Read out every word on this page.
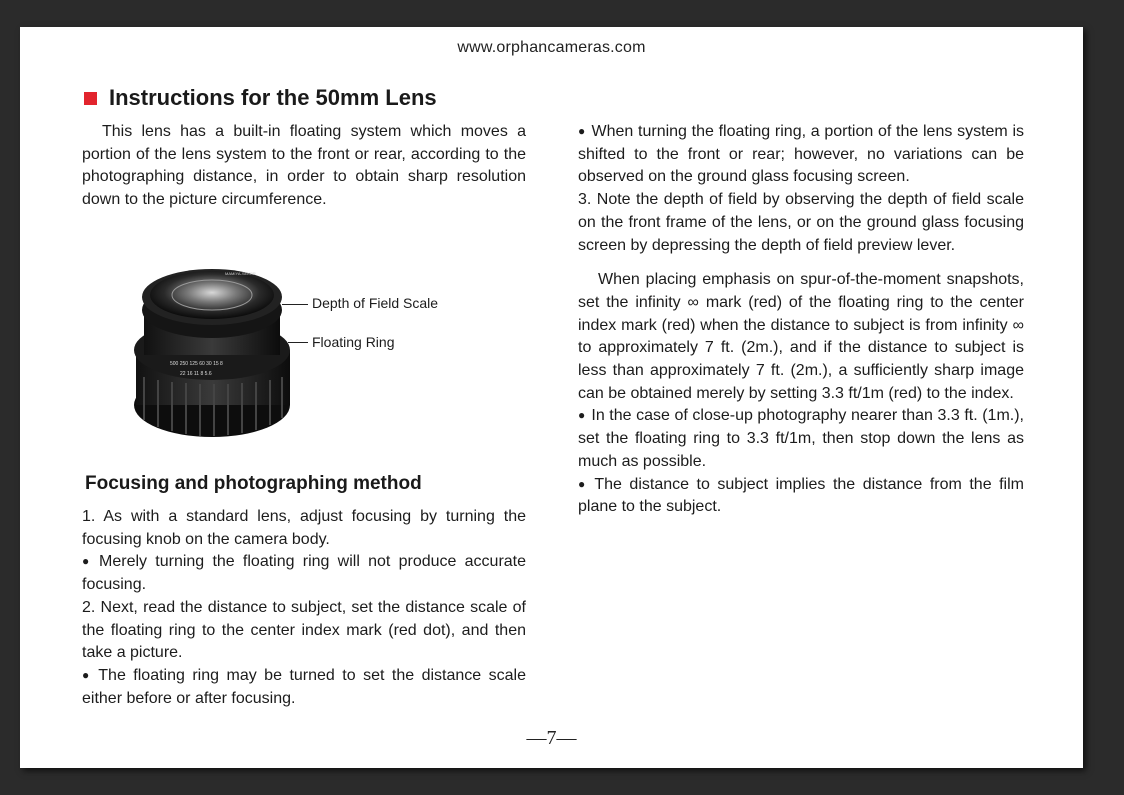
www.orphancameras.com
Instructions for the 50mm Lens

This lens has a built-in floating system which moves a portion of the lens system to the front or rear, according to the photographing distance, in order to obtain sharp resolution down to the picture circumference.

500 250 125 60 30 15 8
22 16 11 8 5.6
MAMIYA-SEKOR
Depth of Field Scale
Floating Ring
Focusing and photographing method

1. As with a standard lens, adjust focusing by turning the focusing knob on the camera body.

● Merely turning the floating ring will not produce accurate focusing.

2. Next, read the distance to subject, set the distance scale of the floating ring to the center index mark (red dot), and then take a picture.

● The floating ring may be turned to set the distance scale either before or after focusing.

● When turning the floating ring, a portion of the lens system is shifted to the front or rear; however, no variations can be observed on the ground glass focusing screen.

3. Note the depth of field by observing the depth of field scale on the front frame of the lens, or on the ground glass focusing screen by depressing the depth of field preview lever.

When placing emphasis on spur-of-the-moment snapshots, set the infinity ∞ mark (red) of the floating ring to the center index mark (red) when the distance to subject is from infinity ∞ to approximately 7 ft. (2m.), and if the distance to subject is less than approximately 7 ft. (2m.), a sufficiently sharp image can be obtained merely by setting 3.3 ft/1m (red) to the index.

● In the case of close-up photography nearer than 3.3 ft. (1m.), set the floating ring to 3.3 ft/1m, then stop down the lens as much as possible.

● The distance to subject implies the distance from the film plane to the subject.

—7—
